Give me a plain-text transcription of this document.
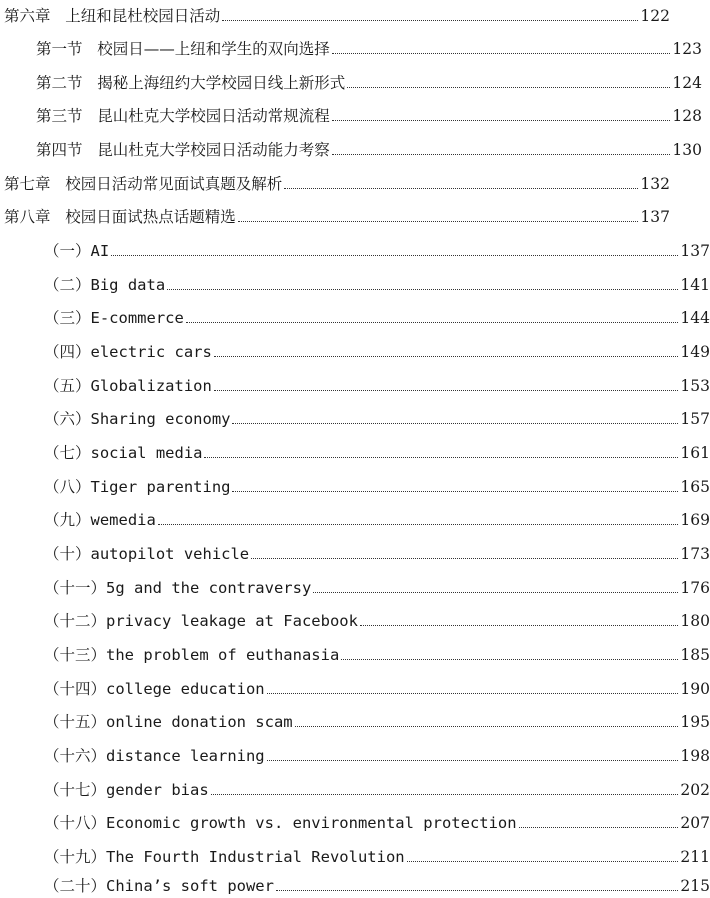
第六章   上纽和昆杜校园日活动	122
第一节   校园日——上纽和学生的双向选择	123
第二节   揭秘上海纽约大学校园日线上新形式	124
第三节   昆山杜克大学校园日活动常规流程	128
第四节   昆山杜克大学校园日活动能力考察	130
第七章   校园日活动常见面试真题及解析	132
第八章   校园日面试热点话题精选	137
（一）AI	137
（二）Big data	141
（三）E-commerce	144
（四）electric cars	149
（五）Globalization	153
（六）Sharing economy	157
（七）social media	161
（八）Tiger parenting	165
（九）wemedia	169
（十）autopilot vehicle	173
（十一）5g and the contraversy	176
（十二）privacy leakage at Facebook	180
（十三）the problem of euthanasia	185
（十四）college education	190
（十五）online donation scam	195
（十六）distance learning	198
（十七）gender bias	202
（十八）Economic growth vs. environmental protection	207
（十九）The Fourth Industrial Revolution	211
（二十）China’s soft power	215
